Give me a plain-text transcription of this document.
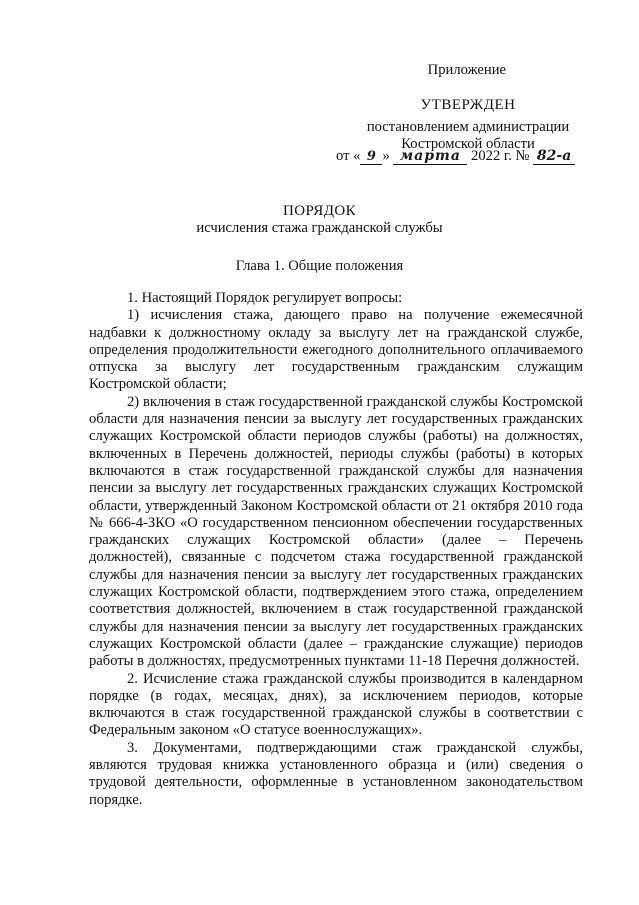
Приложение
УТВЕРЖДЕН
постановлением администрации
Костромской области
от « 9 » марта 2022 г. № 82-а
ПОРЯДОК
исчисления стажа гражданской службы
Глава 1. Общие положения

1. Настоящий Порядок регулирует вопросы:

1) исчисления стажа, дающего право на получение ежемесячной надбавки к должностному окладу за выслугу лет на гражданской службе, определения продолжительности ежегодного дополнительного оплачиваемого отпуска за выслугу лет государственным гражданским служащим Костромской области;

2) включения в стаж государственной гражданской службы Костромской области для назначения пенсии за выслугу лет государственных гражданских служащих Костромской области периодов службы (работы) на должностях, включенных в Перечень должностей, периоды службы (работы) в которых включаются в стаж государственной гражданской службы для назначения пенсии за выслугу лет государственных гражданских служащих Костромской области, утвержденный Законом Костромской области от 21 октября 2010 года № 666-4-ЗКО «О государственном пенсионном обеспечении государственных гражданских служащих Костромской области» (далее – Перечень должностей), связанные с подсчетом стажа государственной гражданской службы для назначения пенсии за выслугу лет государственных гражданских служащих Костромской области, подтверждением этого стажа, определением соответствия должностей, включением в стаж государственной гражданской службы для назначения пенсии за выслугу лет государственных гражданских служащих Костромской области (далее – гражданские служащие) периодов работы в должностях, предусмотренных пунктами 11-18 Перечня должностей.

2. Исчисление стажа гражданской службы производится в календарном порядке (в годах, месяцах, днях), за исключением периодов, которые включаются в стаж государственной гражданской службы в соответствии с Федеральным законом «О статусе военнослужащих».

3. Документами, подтверждающими стаж гражданской службы, являются трудовая книжка установленного образца и (или) сведения о трудовой деятельности, оформленные в установленном законодательством порядке.
